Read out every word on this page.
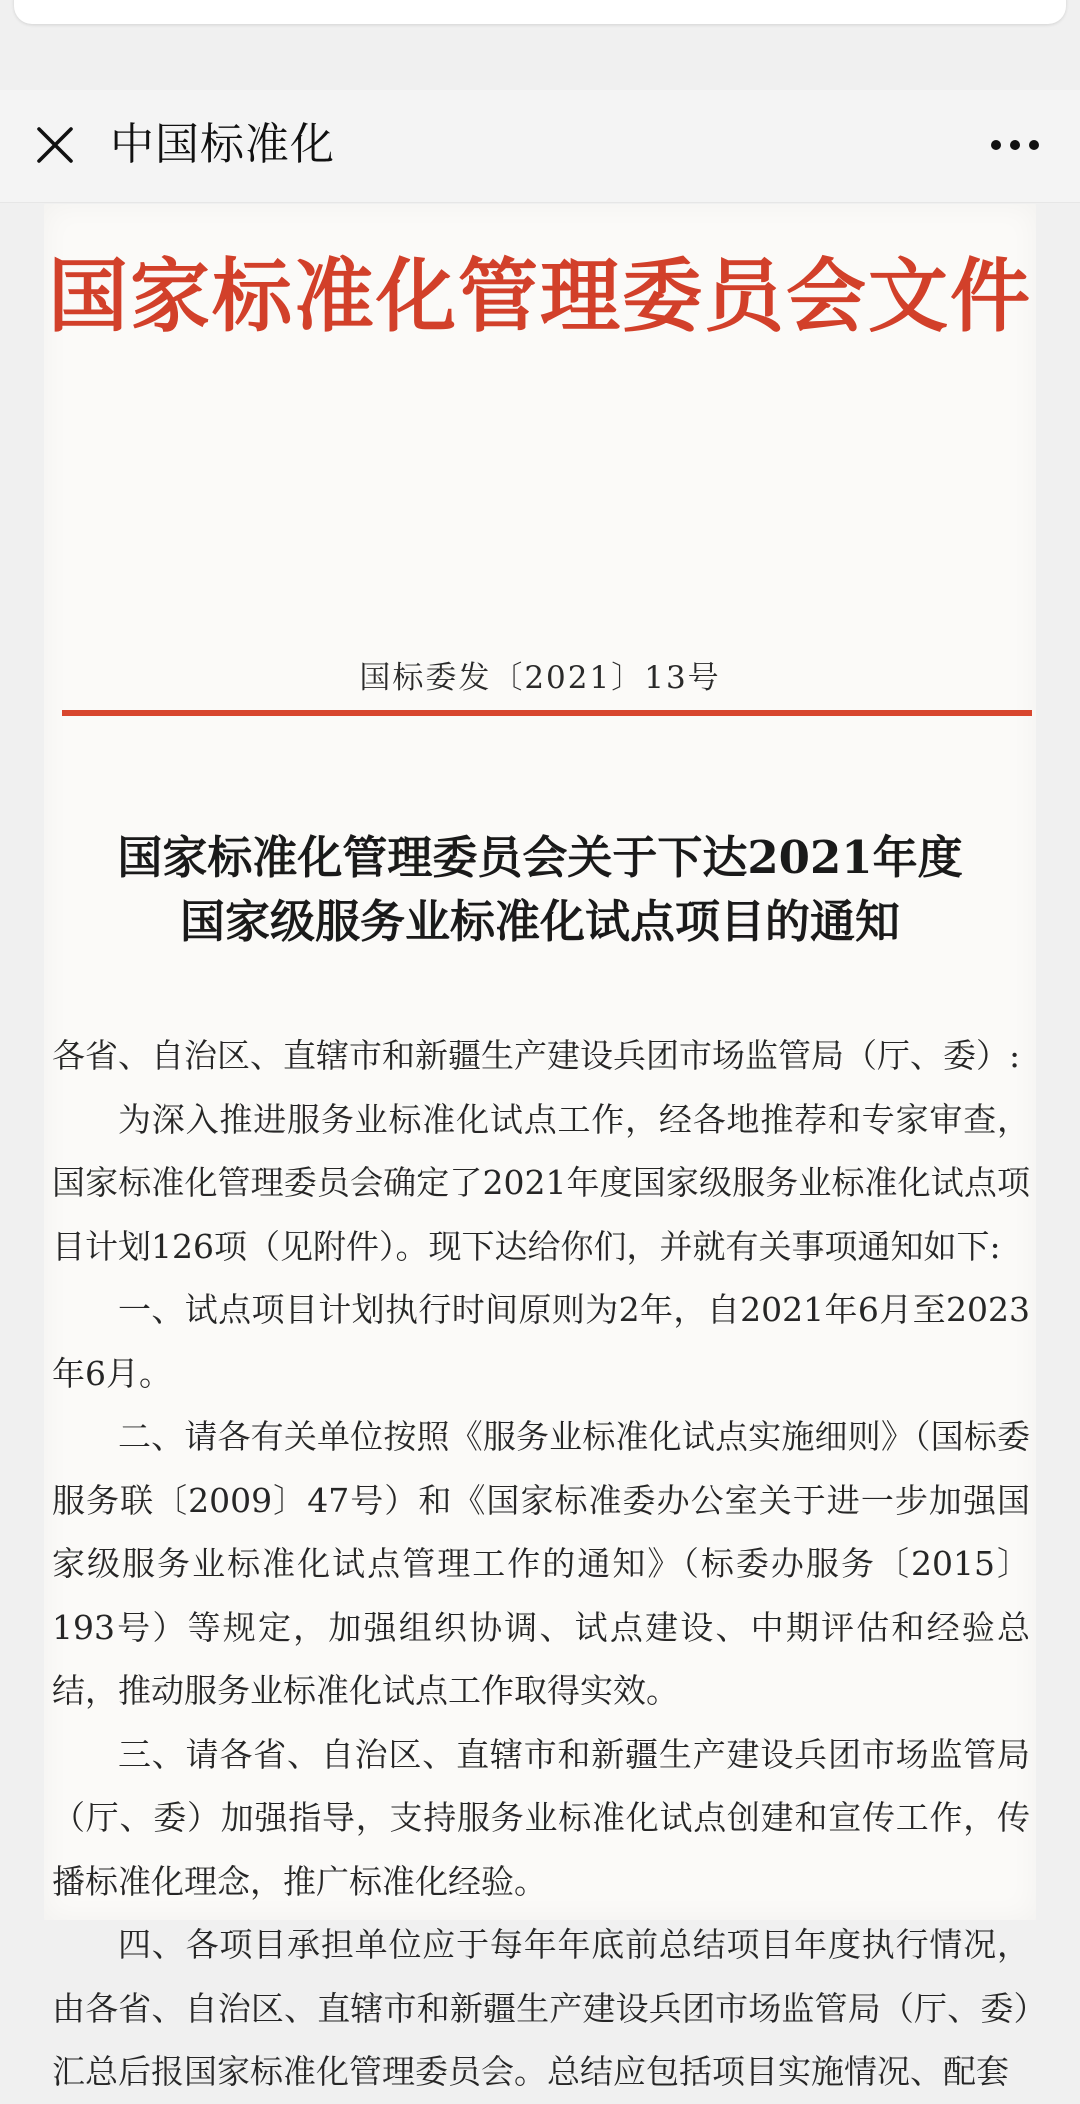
中国标准化
国家标准化管理委员会文件
国标委发〔2021〕13号
国家标准化管理委员会关于下达2021年度
国家级服务业标准化试点项目的通知

各省、自治区、直辖市和新疆生产建设兵团市场监管局（厅、委）:

为深入推进服务业标准化试点工作，经各地推荐和专家审查，国家标准化管理委员会确定了2021年度国家级服务业标准化试点项目计划126项（见附件）。现下达给你们，并就有关事项通知如下:

一、试点项目计划执行时间原则为2年，自2021年6月至2023年6月。

二、请各有关单位按照《服务业标准化试点实施细则》（国标委服务联〔2009〕47号）和《国家标准委办公室关于进一步加强国家级服务业标准化试点管理工作的通知》（标委办服务〔2015〕193号）等规定，加强组织协调、试点建设、中期评估和经验总结，推动服务业标准化试点工作取得实效。

三、请各省、自治区、直辖市和新疆生产建设兵团市场监管局（厅、委）加强指导，支持服务业标准化试点创建和宣传工作，传播标准化理念，推广标准化经验。

四、各项目承担单位应于每年年底前总结项目年度执行情况，由各省、自治区、直辖市和新疆生产建设兵团市场监管局（厅、委）汇总后报国家标准化管理委员会。总结应包括项目实施情况、配套
